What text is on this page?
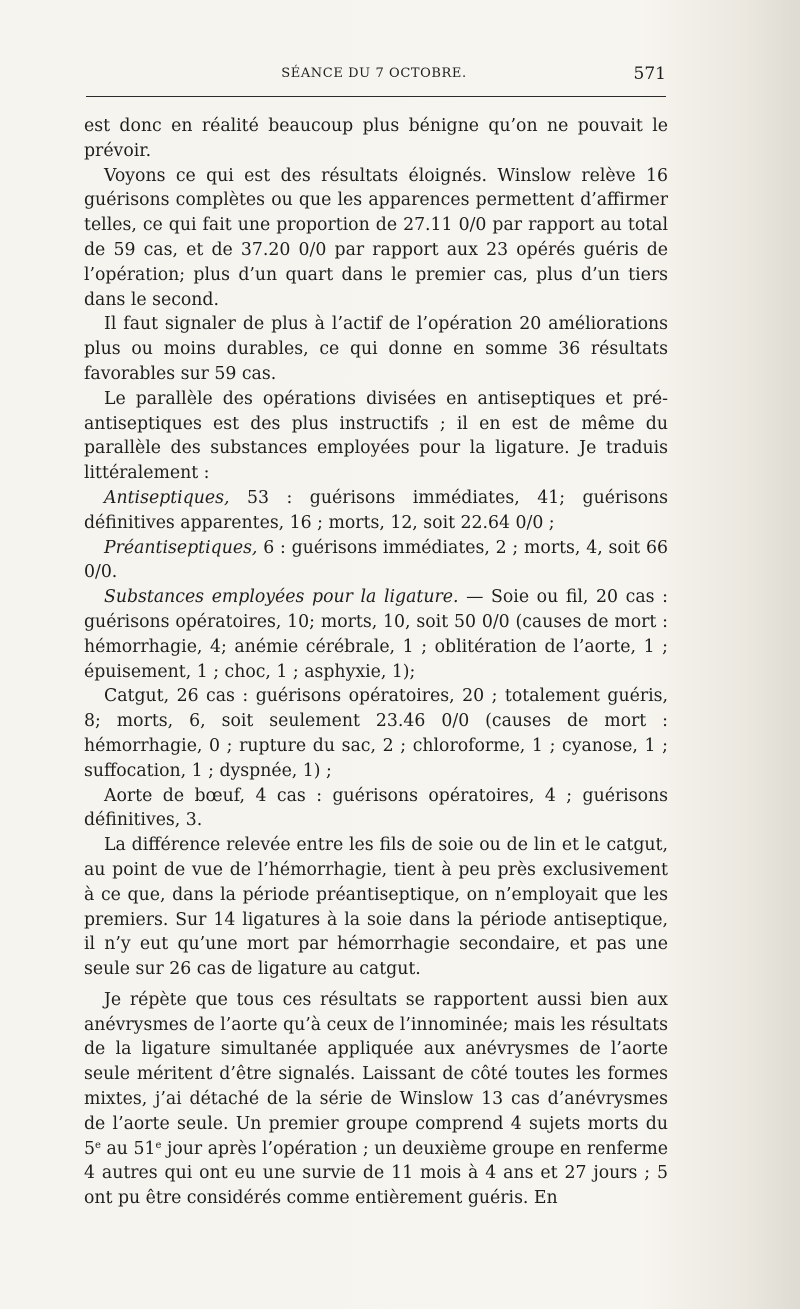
SÉANCE DU 7 OCTOBRE.	571

est donc en réalité beaucoup plus bénigne qu’on ne pouvait le prévoir.

Voyons ce qui est des résultats éloignés. Winslow relève 16 guérisons complètes ou que les apparences permettent d’affirmer telles, ce qui fait une proportion de 27.11 0/0 par rapport au total de 59 cas, et de 37.20 0/0 par rapport aux 23 opérés guéris de l’opération; plus d’un quart dans le premier cas, plus d’un tiers dans le second.

Il faut signaler de plus à l’actif de l’opération 20 améliorations plus ou moins durables, ce qui donne en somme 36 résultats favorables sur 59 cas.

Le parallèle des opérations divisées en antiseptiques et pré-antiseptiques est des plus instructifs ; il en est de même du parallèle des substances employées pour la ligature. Je traduis littéralement :

Antiseptiques, 53 : guérisons immédiates, 41; guérisons définitives apparentes, 16 ; morts, 12, soit 22.64 0/0 ;

Préantiseptiques, 6 : guérisons immédiates, 2 ; morts, 4, soit 66 0/0.

Substances employées pour la ligature. — Soie ou fil, 20 cas : guérisons opératoires, 10; morts, 10, soit 50 0/0 (causes de mort : hémorrhagie, 4; anémie cérébrale, 1 ; oblitération de l’aorte, 1 ; épuisement, 1 ; choc, 1 ; asphyxie, 1);

Catgut, 26 cas : guérisons opératoires, 20 ; totalement guéris, 8; morts, 6, soit seulement 23.46 0/0 (causes de mort : hémorrhagie, 0 ; rupture du sac, 2 ; chloroforme, 1 ; cyanose, 1 ; suffocation, 1 ; dyspnée, 1) ;

Aorte de bœuf, 4 cas : guérisons opératoires, 4 ; guérisons définitives, 3.

La différence relevée entre les fils de soie ou de lin et le catgut, au point de vue de l’hémorrhagie, tient à peu près exclusivement à ce que, dans la période préantiseptique, on n’employait que les premiers. Sur 14 ligatures à la soie dans la période antiseptique, il n’y eut qu’une mort par hémorrhagie secondaire, et pas une seule sur 26 cas de ligature au catgut.

Je répète que tous ces résultats se rapportent aussi bien aux anévrysmes de l’aorte qu’à ceux de l’innominée; mais les résultats de la ligature simultanée appliquée aux anévrysmes de l’aorte seule méritent d’être signalés. Laissant de côté toutes les formes mixtes, j’ai détaché de la série de Winslow 13 cas d’anévrysmes de l’aorte seule. Un premier groupe comprend 4 sujets morts du 5e au 51e jour après l’opération ; un deuxième groupe en renferme 4 autres qui ont eu une survie de 11 mois à 4 ans et 27 jours ; 5 ont pu être considérés comme entièrement guéris. En
